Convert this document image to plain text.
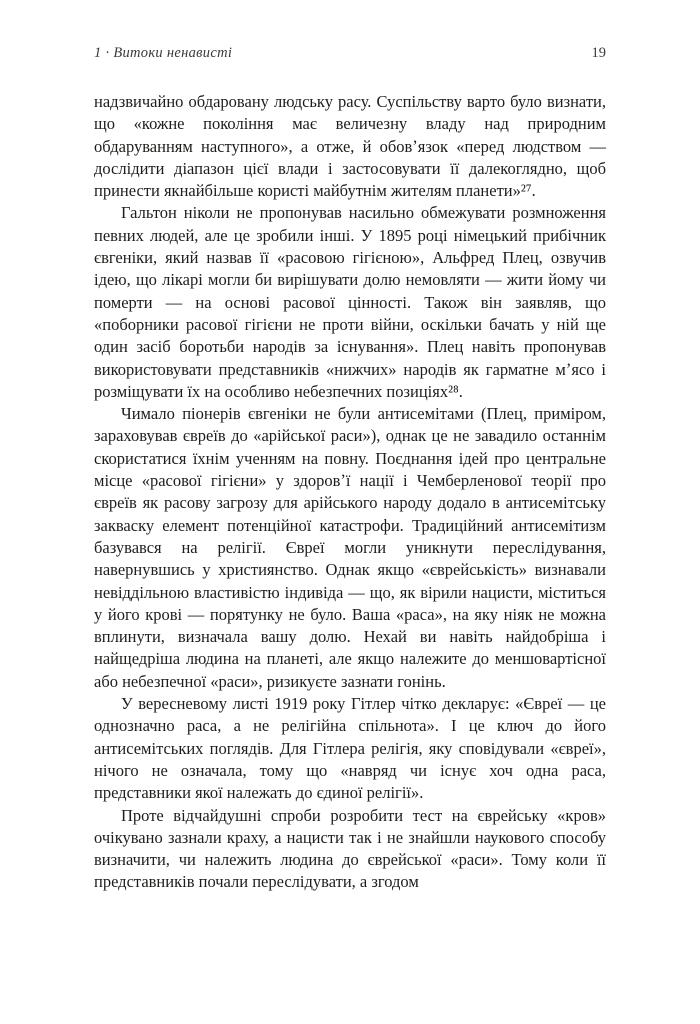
1 · Витоки ненависті	19

надзвичайно обдаровану людську расу. Суспільству варто було визнати, що «кожне покоління має величезну владу над природним обдаруванням наступного», а отже, й обовʼязок «перед людством — дослідити діапазон цієї влади і застосовувати її далекоглядно, щоб принести якнайбільше користі майбутнім жителям планети»²⁷.

Гальтон ніколи не пропонував насильно обмежувати розмноження певних людей, але це зробили інші. У 1895 році німецький прибічник євгеніки, який назвав її «расовою гігієною», Альфред Плец, озвучив ідею, що лікарі могли би вирішувати долю немовляти — жити йому чи померти — на основі расової цінності. Також він заявляв, що «поборники расової гігієни не проти війни, оскільки бачать у ній ще один засіб боротьби народів за існування». Плец навіть пропонував використовувати представників «нижчих» народів як гарматне мʼясо і розміщувати їх на особливо небезпечних позиціях²⁸.

Чимало піонерів євгеніки не були антисемітами (Плец, приміром, зараховував євреїв до «арійської раси»), однак це не завадило останнім скористатися їхнім ученням на повну. Поєднання ідей про центральне місце «расової гігієни» у здоровʼї нації і Чемберленової теорії про євреїв як расову загрозу для арійського народу додало в антисемітську закваску елемент потенційної катастрофи. Традиційний антисемітизм базувався на релігії. Євреї могли уникнути переслідування, навернувшись у християнство. Однак якщо «єврейськість» визнавали невіддільною властивістю індивіда — що, як вірили нацисти, міститься у його крові — порятунку не було. Ваша «раса», на яку ніяк не можна вплинути, визначала вашу долю. Нехай ви навіть найдобріша і найщедріша людина на планеті, але якщо належите до меншовартісної або небезпечної «раси», ризикуєте зазнати гонінь.

У вересневому листі 1919 року Гітлер чітко декларує: «Євреї — це однозначно раса, а не релігійна спільнота». І це ключ до його антисемітських поглядів. Для Гітлера релігія, яку сповідували «євреї», нічого не означала, тому що «навряд чи існує хоч одна раса, представники якої належать до єдиної релігії».

Проте відчайдушні спроби розробити тест на єврейську «кров» очікувано зазнали краху, а нацисти так і не знайшли наукового способу визначити, чи належить людина до єврейської «раси». Тому коли її представників почали переслідувати, а згодом
